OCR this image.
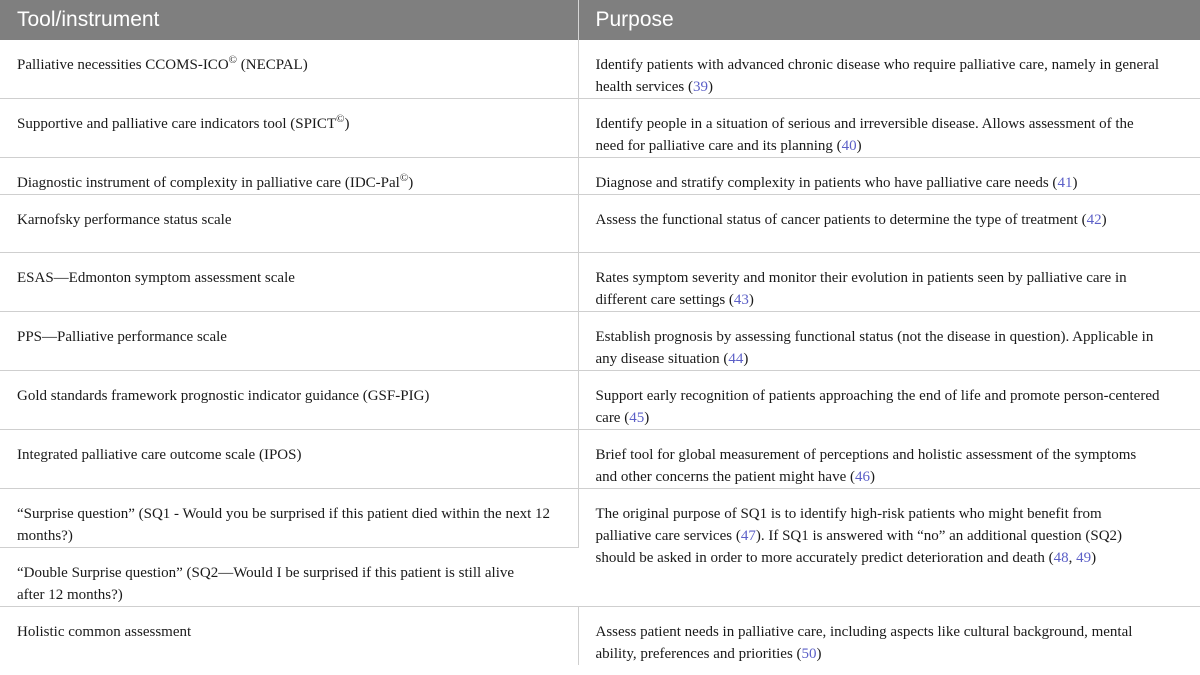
Tool/instrument	Purpose
Palliative necessities CCOMS-ICO© (NECPAL)	Identify patients with advanced chronic disease who require palliative care, namely in general health services (39)
Supportive and palliative care indicators tool (SPICT©)	Identify people in a situation of serious and irreversible disease. Allows assessment of the need for palliative care and its planning (40)
Diagnostic instrument of complexity in palliative care (IDC-Pal©)	Diagnose and stratify complexity in patients who have palliative care needs (41)
Karnofsky performance status scale	Assess the functional status of cancer patients to determine the type of treatment (42)
ESAS—Edmonton symptom assessment scale	Rates symptom severity and monitor their evolution in patients seen by palliative care in different care settings (43)
PPS—Palliative performance scale	Establish prognosis by assessing functional status (not the disease in question). Applicable in any disease situation (44)
Gold standards framework prognostic indicator guidance (GSF-PIG)	Support early recognition of patients approaching the end of life and promote person-centered care (45)
Integrated palliative care outcome scale (IPOS)	Brief tool for global measurement of perceptions and holistic assessment of the symptoms and other concerns the patient might have (46)
“Surprise question” (SQ1 - Would you be surprised if this patient died within the next 12 months?)	The original purpose of SQ1 is to identify high-risk patients who might benefit from palliative care services (47). If SQ1 is answered with “no” an additional question (SQ2) should be asked in order to more accurately predict deterioration and death (48, 49)
“Double Surprise question” (SQ2—Would I be surprised if this patient is still alive after 12 months?)	
Holistic common assessment	Assess patient needs in palliative care, including aspects like cultural background, mental ability, preferences and priorities (50)
